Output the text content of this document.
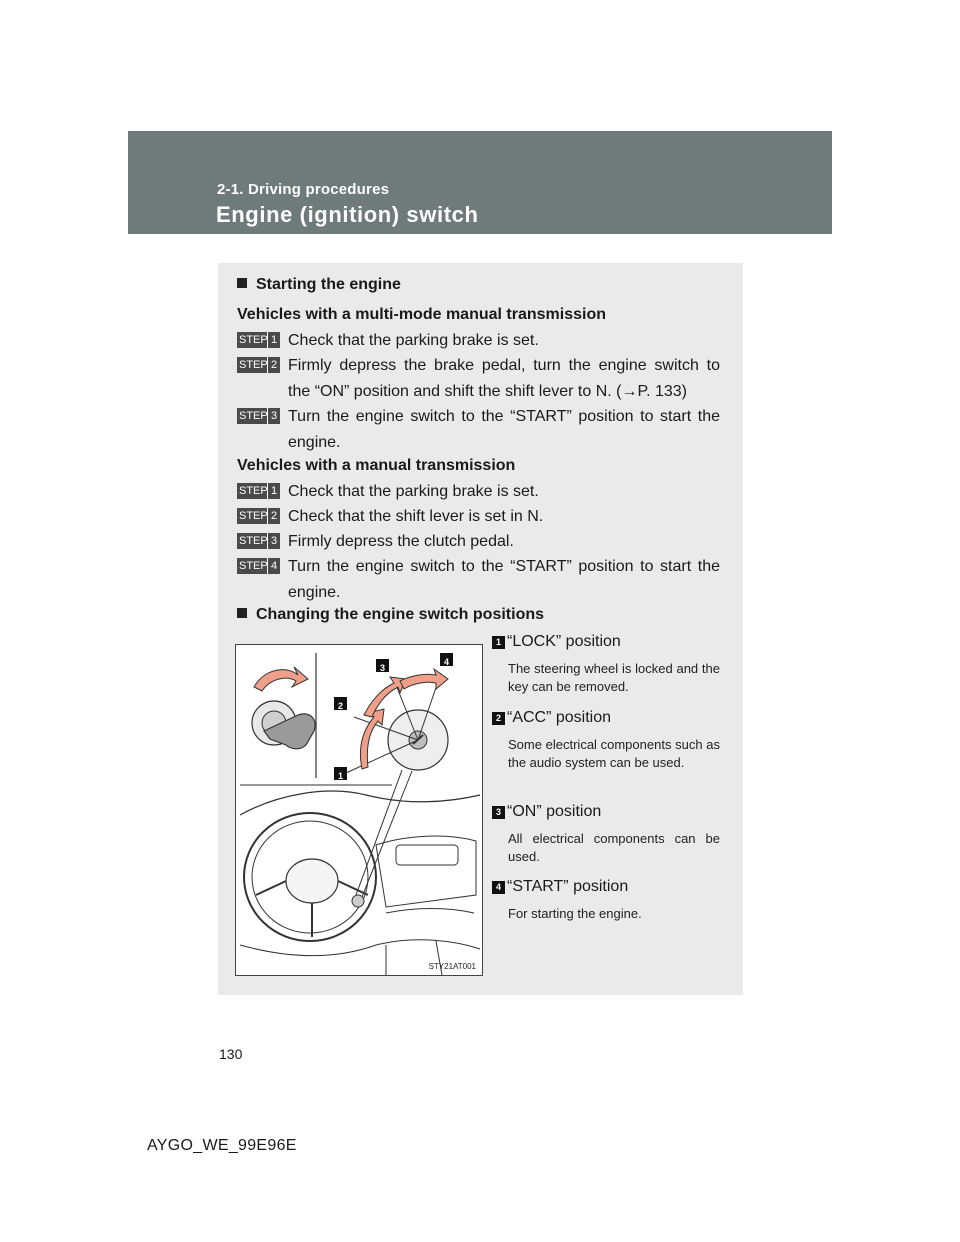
2-1. Driving procedures
Engine (ignition) switch
Starting the engine
Vehicles with a multi-mode manual transmission
STEP 1 Check that the parking brake is set.
STEP 2 Firmly depress the brake pedal, turn the engine switch to
the “ON” position and shift the shift lever to N. (→P. 133)
STEP 3 Turn the engine switch to the “START” position to start the
engine.
Vehicles with a manual transmission
STEP 1 Check that the parking brake is set.
STEP 2 Check that the shift lever is set in N.
STEP 3 Firmly depress the clutch pedal.
STEP 4 Turn the engine switch to the “START” position to start the
engine.
Changing the engine switch positions
1
2
3
4
STY21AT001
1 “LOCK” position
The steering wheel is locked and the key can be removed.
2 “ACC” position
Some electrical components such as the audio system can be used.
3 “ON” position
All electrical components can be used.
4 “START” position
For starting the engine.
130
AYGO_WE_99E96E
